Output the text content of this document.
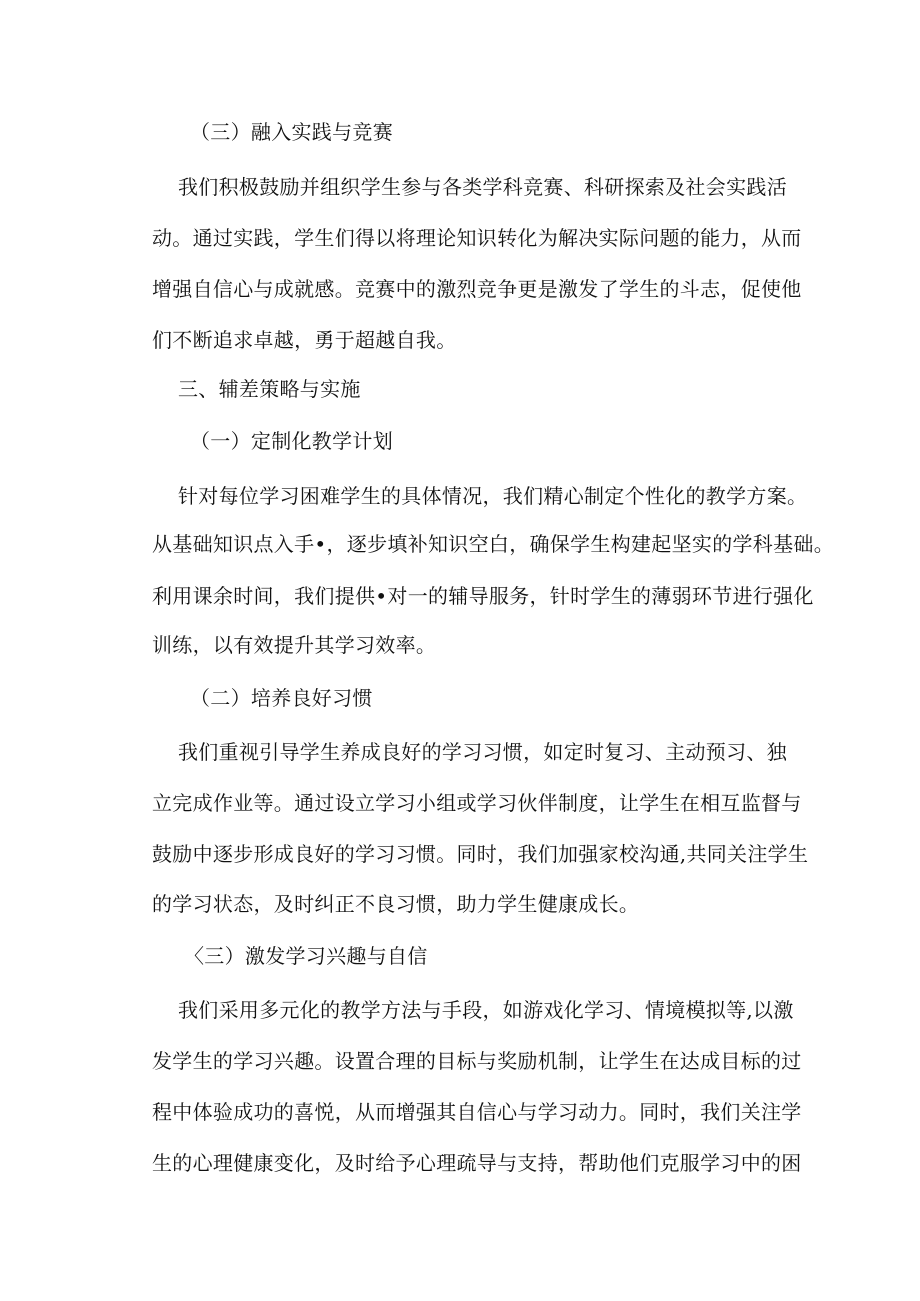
（三）融入实践与竞赛
我们积极鼓励并组织学生参与各类学科竞赛、科研探索及社会实践活
动。通过实践，学生们得以将理论知识转化为解决实际问题的能力，从而
增强自信心与成就感。竞赛中的激烈竞争更是激发了学生的斗志，促使他
们不断追求卓越，勇于超越自我。
三、辅差策略与实施
（一）定制化教学计划
针对每位学习困难学生的具体情况，我们精心制定个性化的教学方案。
从基础知识点入手•，逐步填补知识空白，确保学生构建起坚实的学科基础。
利用课余时间，我们提供•对一的辅导服务，针时学生的薄弱环节进行强化
训练，以有效提升其学习效率。
（二）培养良好习惯
我们重视引导学生养成良好的学习习惯，如定时复习、主动预习、独
立完成作业等。通过设立学习小组或学习伙伴制度，让学生在相互监督与
鼓励中逐步形成良好的学习习惯。同时，我们加强家校沟通,共同关注学生
的学习状态，及时纠正不良习惯，助力学生健康成长。
〈三）激发学习兴趣与自信
我们采用多元化的教学方法与手段，如游戏化学习、情境模拟等,以激
发学生的学习兴趣。设置合理的目标与奖励机制，让学生在达成目标的过
程中体验成功的喜悦，从而增强其自信心与学习动力。同时，我们关注学
生的心理健康变化，及时给予心理疏导与支持，帮助他们克服学习中的困
